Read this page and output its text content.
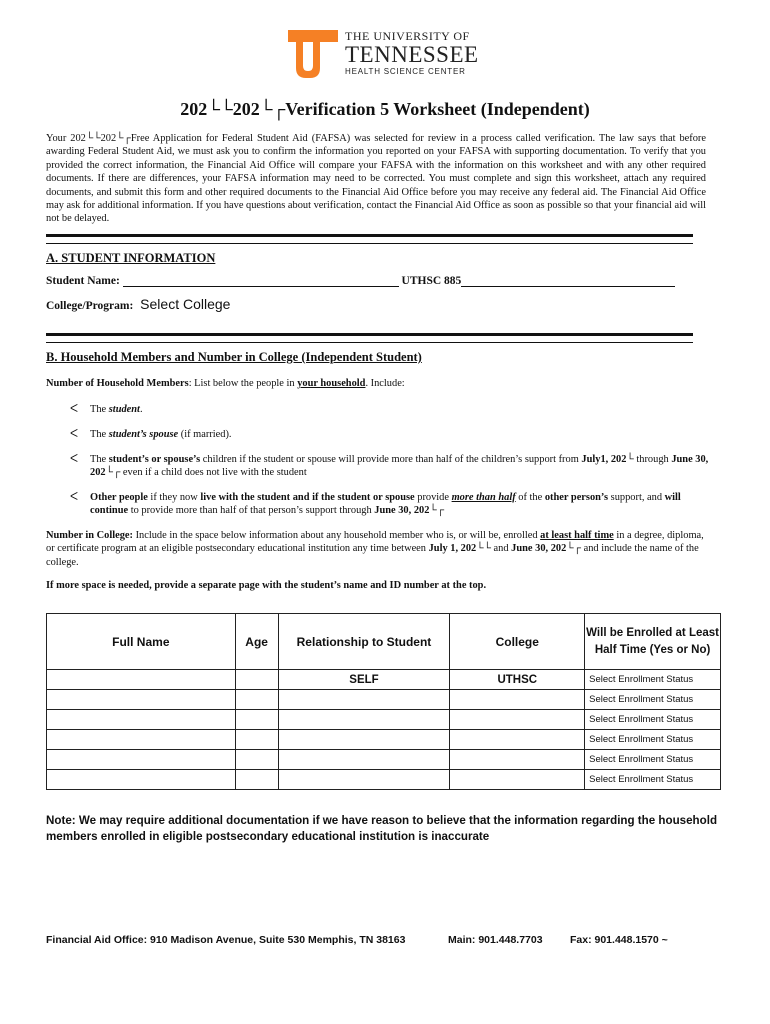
THE UNIVERSITY OF
TENNESSEE
HEALTH SCIENCE CENTER
202└└202└┌Verification 5 Worksheet (Independent)
Your 202└└202└┌Free Application for Federal Student Aid (FAFSA) was selected for review in a process called verification. The law says that before awarding Federal Student Aid, we must ask you to confirm the information you reported on your FAFSA with supporting documentation. To verify that you provided the correct information, the Financial Aid Office will compare your FAFSA with the information on this worksheet and with any other required documents. If there are differences, your FAFSA information may need to be corrected. You must complete and sign this worksheet, attach any required documents, and submit this form and other required documents to the Financial Aid Office before you may receive any federal aid. The Financial Aid Office may ask for additional information. If you have questions about verification, contact the Financial Aid Office as soon as possible so that your financial aid will not be delayed.
A. STUDENT INFORMATION
Student Name:	UTHSC 885
College/Program: Select College
B. Household Members and Number in College (Independent Student)
Number of Household Members: List below the people in your household. Include:
ᐸ The student.
ᐸ The student’s spouse (if married).
ᐸ The student’s or spouse’s children if the student or spouse will provide more than half of the children’s support from July1, 202└ through June 30, 202└┌ even if a child does not live with the student
ᐸ Other people if they now live with the student and if the student or spouse provide more than half of the other person’s support, and will continue to provide more than half of that person’s support through June 30, 202└┌
Number in College: Include in the space below information about any household member who is, or will be, enrolled at least half time in a degree, diploma, or certificate program at an eligible postsecondary educational institution any time between July 1, 202└└ and June 30, 202└┌ and include the name of the college.
If more space is needed, provide a separate page with the student’s name and ID number at the top.
Full Name	Age	Relationship to Student	College	Will be Enrolled at Least Half Time (Yes or No)
		SELF	UTHSC	Select Enrollment Status
				Select Enrollment Status
				Select Enrollment Status
				Select Enrollment Status
				Select Enrollment Status
				Select Enrollment Status
Note: We may require additional documentation if we have reason to believe that the information regarding the household members enrolled in eligible postsecondary educational institution is inaccurate
Financial Aid Office: 910 Madison Avenue, Suite 530 Memphis, TN 38163	Main: 901.448.7703	Fax: 901.448.1570 ~
